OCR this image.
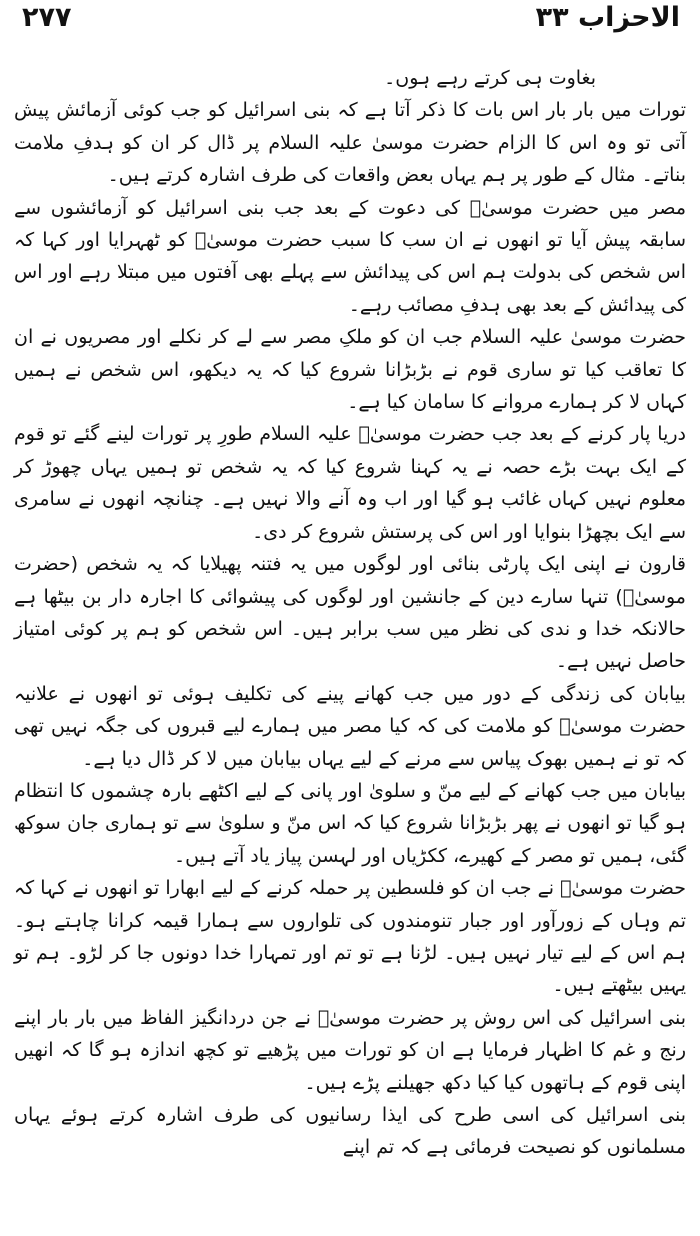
۲۷۷	الاحزاب ۳۳

بغاوت ہی کرتے رہے ہوں۔

تورات میں بار بار اس بات کا ذکر آتا ہے کہ بنی اسرائیل کو جب کوئی آزمائش پیش آتی تو وہ اس کا الزام حضرت موسیٰ علیہ السلام پر ڈال کر ان کو ہدفِ ملامت بناتے۔ مثال کے طور پر ہم یہاں بعض واقعات کی طرف اشارہ کرتے ہیں۔

مصر میں حضرت موسیٰؑ کی دعوت کے بعد جب بنی اسرائیل کو آزمائشوں سے سابقہ پیش آیا تو انھوں نے ان سب کا سبب حضرت موسیٰؑ کو ٹھہرایا اور کہا کہ اس شخص کی بدولت ہم اس کی پیدائش سے پہلے بھی آفتوں میں مبتلا رہے اور اس کی پیدائش کے بعد بھی ہدفِ مصائب رہے۔

حضرت موسیٰ علیہ السلام جب ان کو ملکِ مصر سے لے کر نکلے اور مصریوں نے ان کا تعاقب کیا تو ساری قوم نے بڑبڑانا شروع کیا کہ یہ دیکھو، اس شخص نے ہمیں کہاں لا کر ہمارے مروانے کا سامان کیا ہے۔

دریا پار کرنے کے بعد جب حضرت موسیٰؑ علیہ السلام طورِ پر تورات لینے گئے تو قوم کے ایک بہت بڑے حصہ نے یہ کہنا شروع کیا کہ یہ شخص تو ہمیں یہاں چھوڑ کر معلوم نہیں کہاں غائب ہو گیا اور اب وہ آنے والا نہیں ہے۔ چنانچہ انھوں نے سامری سے ایک بچھڑا بنوایا اور اس کی پرستش شروع کر دی۔

قارون نے اپنی ایک پارٹی بنائی اور لوگوں میں یہ فتنہ پھیلایا کہ یہ شخص (حضرت موسیٰؑ) تنہا سارے دین کے جانشین اور لوگوں کی پیشوائی کا اجارہ دار بن بیٹھا ہے حالانکہ خدا و ندی کی نظر میں سب برابر ہیں۔ اس شخص کو ہم پر کوئی امتیاز حاصل نہیں ہے۔

بیابان کی زندگی کے دور میں جب کھانے پینے کی تکلیف ہوئی تو انھوں نے علانیہ حضرت موسیٰؑ کو ملامت کی کہ کیا مصر میں ہمارے لیے قبروں کی جگہ نہیں تھی کہ تو نے ہمیں بھوک پیاس سے مرنے کے لیے یہاں بیابان میں لا کر ڈال دیا ہے۔

بیابان میں جب کھانے کے لیے منّ و سلویٰ اور پانی کے لیے اکٹھے بارہ چشموں کا انتظام ہو گیا تو انھوں نے پھر بڑبڑانا شروع کیا کہ اس منّ و سلویٰ سے تو ہماری جان سوکھ گئی، ہمیں تو مصر کے کھیرے، ککڑیاں اور لہسن پیاز یاد آتے ہیں۔

حضرت موسیٰؑ نے جب ان کو فلسطین پر حملہ کرنے کے لیے ابھارا تو انھوں نے کہا کہ تم وہاں کے زورآور اور جبار تنومندوں کی تلواروں سے ہمارا قیمہ کرانا چاہتے ہو۔ ہم اس کے لیے تیار نہیں ہیں۔ لڑنا ہے تو تم اور تمہارا خدا دونوں جا کر لڑو۔ ہم تو یہیں بیٹھتے ہیں۔

بنی اسرائیل کی اس روش پر حضرت موسیٰؑ نے جن دردانگیز الفاظ میں بار بار اپنے رنج و غم کا اظہار فرمایا ہے ان کو تورات میں پڑھیے تو کچھ اندازہ ہو گا کہ انھیں اپنی قوم کے ہاتھوں کیا کیا دکھ جھیلنے پڑے ہیں۔

بنی اسرائیل کی اسی طرح کی ایذا رسانیوں کی طرف اشارہ کرتے ہوئے یہاں مسلمانوں کو نصیحت فرمائی ہے کہ تم اپنے
